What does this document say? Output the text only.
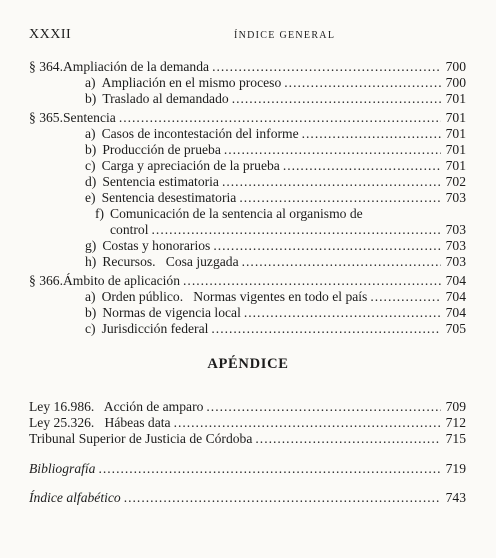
XXXII	ÍNDICE GENERAL
§ 364. Ampliación de la demanda .....	700
a) Ampliación en el mismo proceso .....	700
b) Traslado al demandado .....	701
§ 365. Sentencia .....	701
a) Casos de incontestación del informe .....	701
b) Producción de prueba .....	701
c) Carga y apreciación de la prueba .....	701
d) Sentencia estimatoria .....	702
e) Sentencia desestimatoria .....	703
f) Comunicación de la sentencia al organismo de
control .....	703
g) Costas y honorarios .....	703
h) Recursos.   Cosa juzgada .....	703
§ 366. Ámbito de aplicación .....	704
a) Orden público.   Normas vigentes en todo el país .....	704
b) Normas de vigencia local .....	704
c) Jurisdicción federal .....	705
APÉNDICE
Ley 16.986.   Acción de amparo .....	709
Ley 25.326.   Hábeas data .....	712
Tribunal Superior de Justicia de Córdoba .....	715
Bibliografía .....	719
Índice alfabético .....	743
